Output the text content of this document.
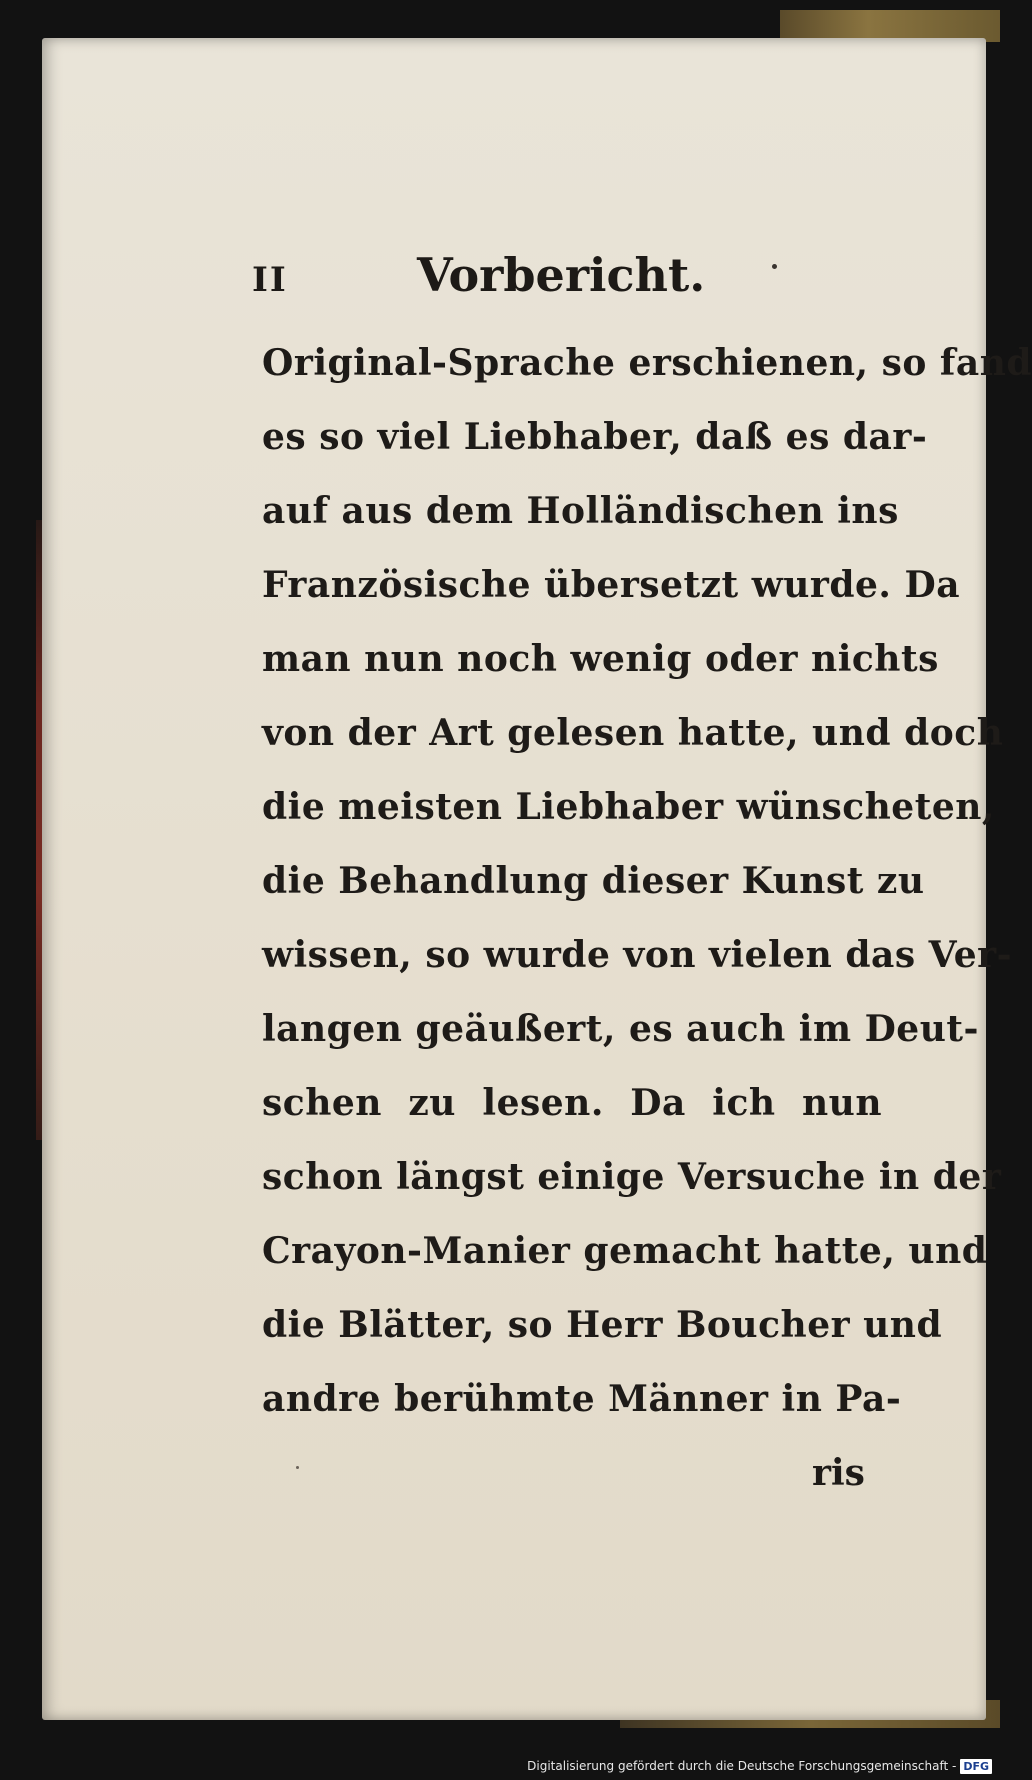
II	Vorbericht.
Original-Sprache erschienen, so fand
es so viel Liebhaber, daß es dar-
auf aus dem Holländischen ins
Französische übersetzt wurde. Da
man nun noch wenig oder nichts
von der Art gelesen hatte, und doch
die meisten Liebhaber wünscheten,
die Behandlung dieser Kunst zu
wissen, so wurde von vielen das Ver-
langen geäußert, es auch im Deut-
schen zu lesen. Da ich nun
schon längst einige Versuche in der
Crayon-Manier gemacht hatte, und
die Blätter, so Herr Boucher und
andre berühmte Männer in Pa-
ris
Digitalisierung gefördert durch die Deutsche Forschungsgemeinschaft - DFG
